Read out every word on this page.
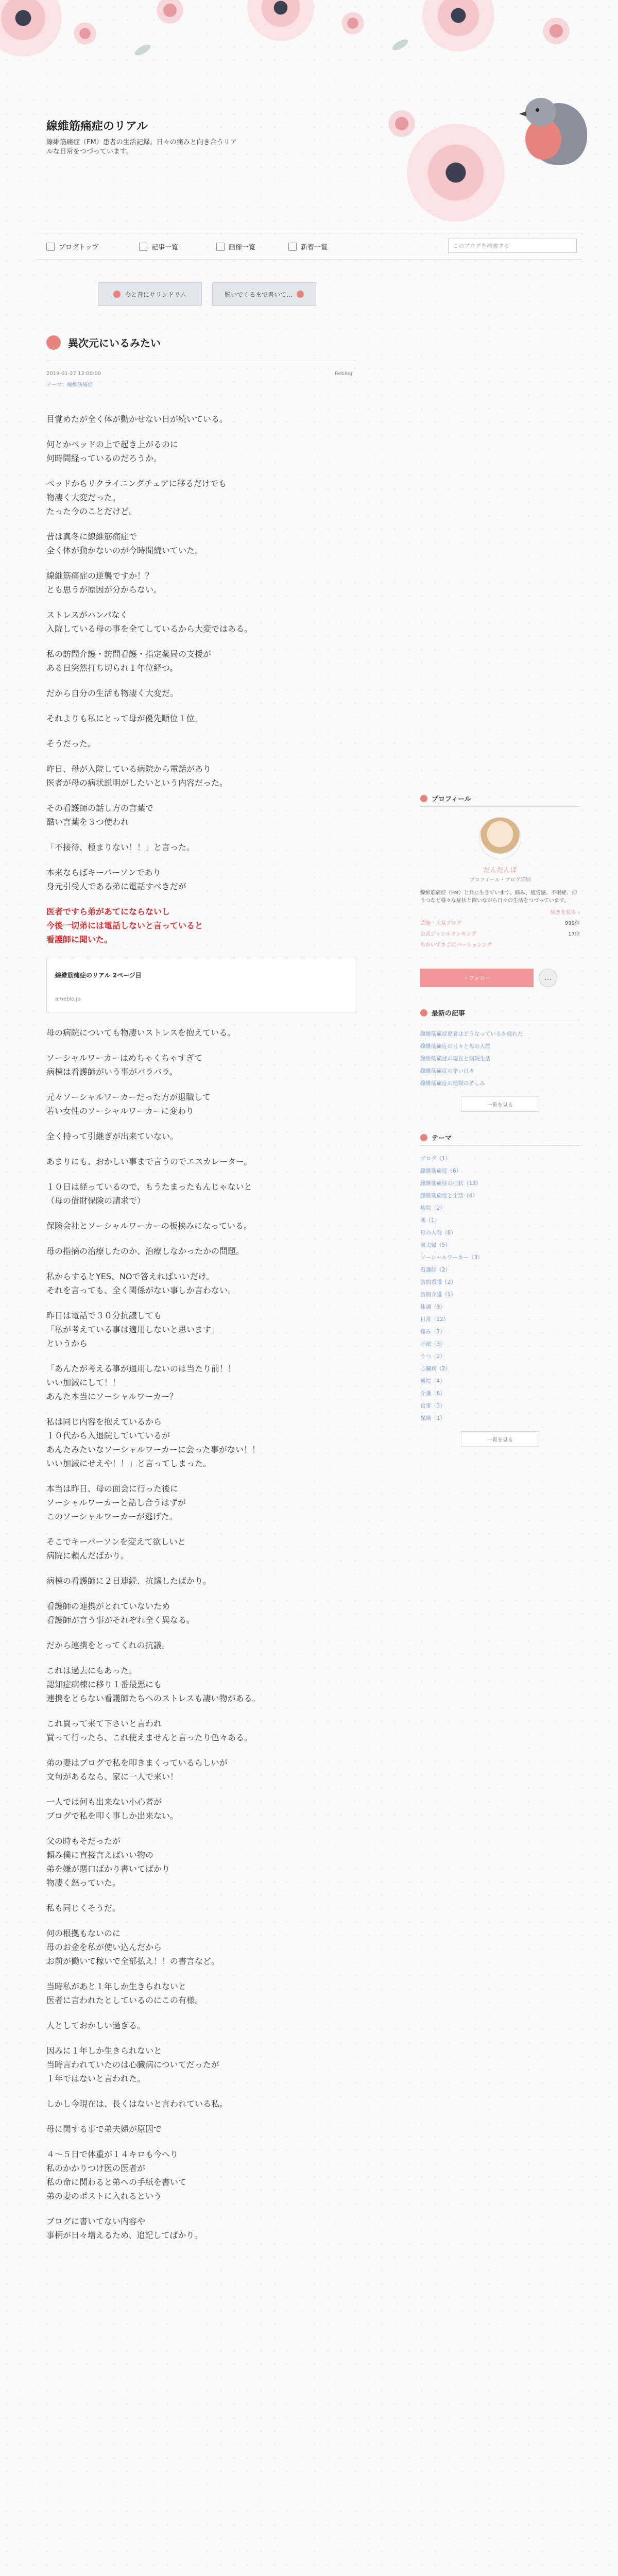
線維筋痛症のリアル
線維筋痛症（FM）患者の生活記録。日々の痛みと向き合うリアルな日常をつづっています。
ブログトップ	記事一覧	画像一覧	新着一覧	このブログを検索する
今と昔にサリンドリム	脱いでくるまで書いて…
異次元にいるみたい
2019-01-27 12:00:00	Reblog
テーマ：線維筋痛症

目覚めたが全く体が動かせない日が続いている。

何とかベッドの上で起き上がるのに
何時間経っているのだろうか。

ベッドからリクライニングチェアに移るだけでも
物凄く大変だった。
たった今のことだけど。

昔は真冬に線維筋痛症で
全く体が動かないのが今時間続いていた。

線維筋痛症の逆襲ですか！？
とも思うが原因が分からない。

ストレスがハンパなく
入院している母の事を全てしているから大変ではある。

私の訪問介護・訪問看護・指定薬局の支援が
ある日突然打ち切られ１年位経つ。

だから自分の生活も物凄く大変だ。

それよりも私にとって母が優先順位１位。

そうだった。

昨日、母が入院している病院から電話があり
医者が母の病状説明がしたいという内容だった。

その看護師の話し方の言葉で
酷い言葉を３つ使われ

「不接待、極まりない！！」と言った。

本来ならばキーパーソンであり
身元引受人である弟に電話すべきだが

医者ですら弟があてにならないし
今後一切弟には電話しないと言っていると
看護師に聞いた。

線維筋痛症のリアル 2ページ目
ameblo.jp

母の病院についても物凄いストレスを抱えている。

ソーシャルワーカーはめちゃくちゃすぎて
病棟は看護師がいう事がバラバラ。

元々ソーシャルワーカーだった方が退職して
若い女性のソーシャルワーカーに変わり

全く持って引継ぎが出来ていない。

あまりにも、おかしい事まで言うのでエスカレーター。

１０日は経っているので、もうたまったもんじゃないと
（母の借財保険の請求で）

保険会社とソーシャルワーカーの板挟みになっている。

母の指摘の治療したのか、治療しなかったかの問題。

私からするとYES、NOで答えればいいだけ。
それを言っても、全く関係がない事しか言わない。

昨日は電話で３０分抗議しても
「私が考えている事は適用しないと思います」
というから

「あんたが考える事が通用しないのは当たり前！！
いい加減にして！！
あんた本当にソーシャルワーカー？

私は同じ内容を抱えているから
１０代から入退院していているが
あんたみたいなソーシャルワーカーに会った事がない！！
いい加減にせえや！！」と言ってしまった。

本当は昨日、母の面会に行った後に
ソーシャルワーカーと話し合うはずが
このソーシャルワーカーが逃げた。

そこでキーパーソンを変えて欲しいと
病院に頼んだばかり。

病棟の看護師に２日連続、抗議したばかり。

看護師の連携がとれていないため
看護師が言う事がそれぞれ全く異なる。

だから連携をとってくれの抗議。

これは過去にもあった。
認知症病棟に移り１番最悪にも
連携をとらない看護師たちへのストレスも凄い物がある。

これ買って来て下さいと言われ
買って行ったら、これ使えませんと言ったり色々ある。

弟の妻はブログで私を叩きまくっているらしいが
文句があるなら、家に一人で来い！

一人では何も出来ない小心者が
ブログで私を叩く事しか出来ない。

父の時もそだったが
頼み僕に直接言えばいい物の
弟を嫌が悪口ばかり書いてばかり
物凄く怒っていた。

私も同じくそうだ。

何の根拠もないのに
母のお金を私が使い込んだから
お前が働いて稼いで全部払え！！の書言など。

当時私があと１年しか生きられないと
医者に言われたとしているのにこの有様。

人としておかしい過ぎる。

因みに１年しか生きられないと
当時言われていたのは心臓病についてだったが
１年ではないと言われた。

しかし今現在は、長くはないと言われている私。

母に関する事で弟夫婦が原因で

４～５日で体重が１４キロも今へり
私のかかりつけ医の医者が
私の命に関わると弟への手紙を書いて
弟の妻のポストに入れるという

ブログに書いてない内容や
事柄が日々増えるため、追記してばかり。

プロフィール
だんだんぱ
プロフィール・ブログ詳細
線維筋痛症（FM）と共に生きています。痛み、疲労感、不眠症、抑うつなど様々な症状と闘いながら日々の生活をつづっています。
続きを見る ›
芸能・人気ブログ	999位
公式ジャンルランキング	17位
ちかいずさごにパッションング
＋フォロー	…
最新の記事
線維筋痛症患者はどうなっているか疲れた
線維筋痛症の日々と母の入院
線維筋痛症の現在と病院生活
線維筋痛症の辛い日々
線維筋痛症の地獄の苦しみ
一覧を見る
テーマ
ブログ（1）
線維筋痛症（6）
線維筋痛症の症状（13）
線維筋痛症と生活（4）
病院（2）
薬（1）
母の入院（8）
弟夫婦（5）
ソーシャルワーカー（3）
看護師（2）
訪問看護（2）
訪問介護（1）
体調（9）
日常（12）
痛み（7）
不眠（3）
うつ（2）
心臓病（2）
通院（4）
介護（6）
食事（3）
保険（1）
一覧を見る
